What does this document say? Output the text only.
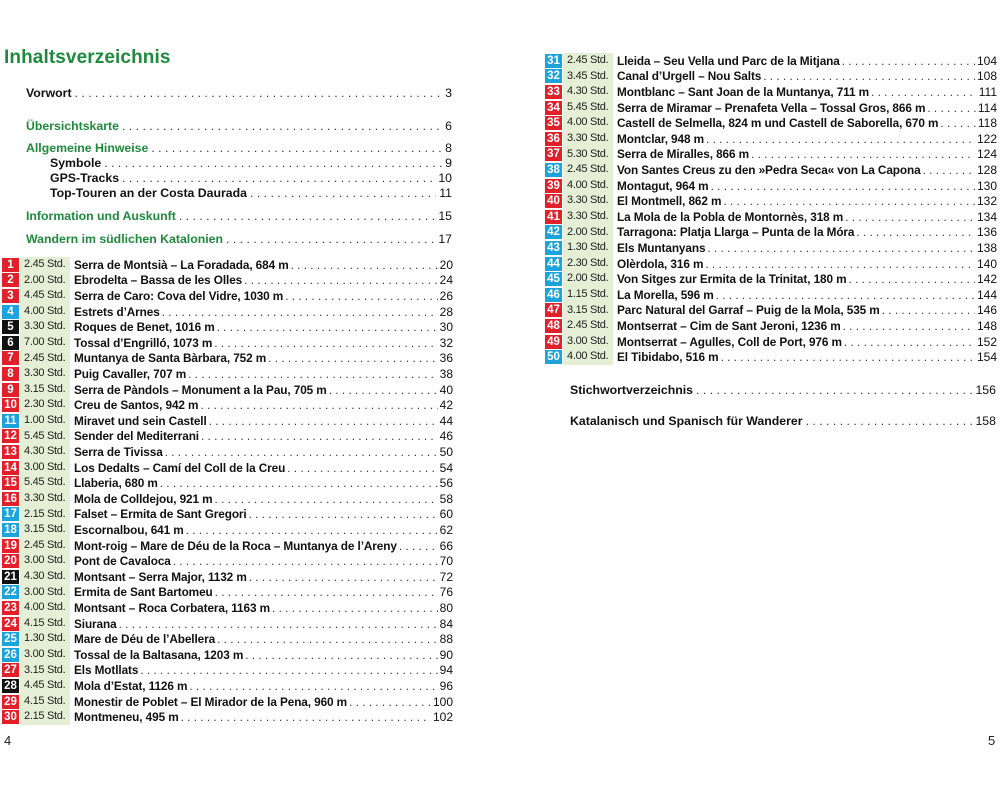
Inhaltsverzeichnis
Vorwort . . .	3
Übersichtskarte . . .	6
Allgemeine Hinweise . . .	8
Symbole . . .	9
GPS-Tracks . . .	10
Top-Touren an der Costa Daurada . . .	11
Information und Auskunft . . .	15
Wandern im südlichen Katalonien . . .	17
1 2.45 Std. Serra de Montsià – La Foradada, 684 m . . .	20
2 2.00 Std. Ebrodelta – Bassa de les Olles . . .	24
3 4.45 Std. Serra de Caro: Cova del Vidre, 1030 m . . .	26
4 4.00 Std. Estrets d’Arnes . . .	28
5 3.30 Std. Roques de Benet, 1016 m . . .	30
6 7.00 Std. Tossal d’Engrilló, 1073 m . . .	32
7 2.45 Std. Muntanya de Santa Bàrbara, 752 m . . .	36
8 3.30 Std. Puig Cavaller, 707 m . . .	38
9 3.15 Std. Serra de Pàndols – Monument a la Pau, 705 m . . .	40
10 2.30 Std. Creu de Santos, 942 m . . .	42
11 1.00 Std. Miravet und sein Castell . . .	44
12 5.45 Std. Sender del Mediterrani . . .	46
13 4.30 Std. Serra de Tivissa . . .	50
14 3.00 Std. Los Dedalts – Camí del Coll de la Creu . . .	54
15 5.45 Std. Llaberia, 680 m . . .	56
16 3.30 Std. Mola de Colldejou, 921 m . . .	58
17 2.15 Std. Falset – Ermita de Sant Gregori . . .	60
18 3.15 Std. Escornalbou, 641 m . . .	62
19 2.45 Std. Mont-roig – Mare de Déu de la Roca – Muntanya de l’Areny . . .	66
20 3.00 Std. Pont de Cavaloca . . .	70
21 4.30 Std. Montsant – Serra Major, 1132 m . . .	72
22 3.00 Std. Ermita de Sant Bartomeu . . .	76
23 4.00 Std. Montsant – Roca Corbatera, 1163 m . . .	80
24 4.15 Std. Siurana . . .	84
25 1.30 Std. Mare de Déu de l’Abellera . . .	88
26 3.00 Std. Tossal de la Baltasana, 1203 m . . .	90
27 3.15 Std. Els Motllats . . .	94
28 4.45 Std. Mola d’Estat, 1126 m . . .	96
29 4.15 Std. Monestir de Poblet – El Mirador de la Pena, 960 m . . .	100
30 2.15 Std. Montmeneu, 495 m . . .	102
4
31 2.45 Std. Lleida – Seu Vella und Parc de la Mitjana . . .	104
32 3.45 Std. Canal d’Urgell – Nou Salts . . .	108
33 4.30 Std. Montblanc – Sant Joan de la Muntanya, 711 m . . .	111
34 5.45 Std. Serra de Miramar – Prenafeta Vella – Tossal Gros, 866 m . . .	114
35 4.00 Std. Castell de Selmella, 824 m und Castell de Saborella, 670 m . . .	118
36 3.30 Std. Montclar, 948 m . . .	122
37 5.30 Std. Serra de Miralles, 866 m . . .	124
38 2.45 Std. Von Santes Creus zu den »Pedra Seca« von La Capona . . .	128
39 4.00 Std. Montagut, 964 m . . .	130
40 3.30 Std. El Montmell, 862 m . . .	132
41 3.30 Std. La Mola de la Pobla de Montornès, 318 m . . .	134
42 2.00 Std. Tarragona: Platja Llarga – Punta de la Móra . . .	136
43 1.30 Std. Els Muntanyans . . .	138
44 2.30 Std. Olèrdola, 316 m . . .	140
45 2.00 Std. Von Sitges zur Ermita de la Trinitat, 180 m . . .	142
46 1.15 Std. La Morella, 596 m . . .	144
47 3.15 Std. Parc Natural del Garraf – Puig de la Mola, 535 m . . .	146
48 2.45 Std. Montserrat – Cim de Sant Jeroni, 1236 m . . .	148
49 3.00 Std. Montserrat – Agulles, Coll de Port, 976 m . . .	152
50 4.00 Std. El Tibidabo, 516 m . . .	154
Stichwortverzeichnis . . .	156
Katalanisch und Spanisch für Wanderer . . .	158
5
